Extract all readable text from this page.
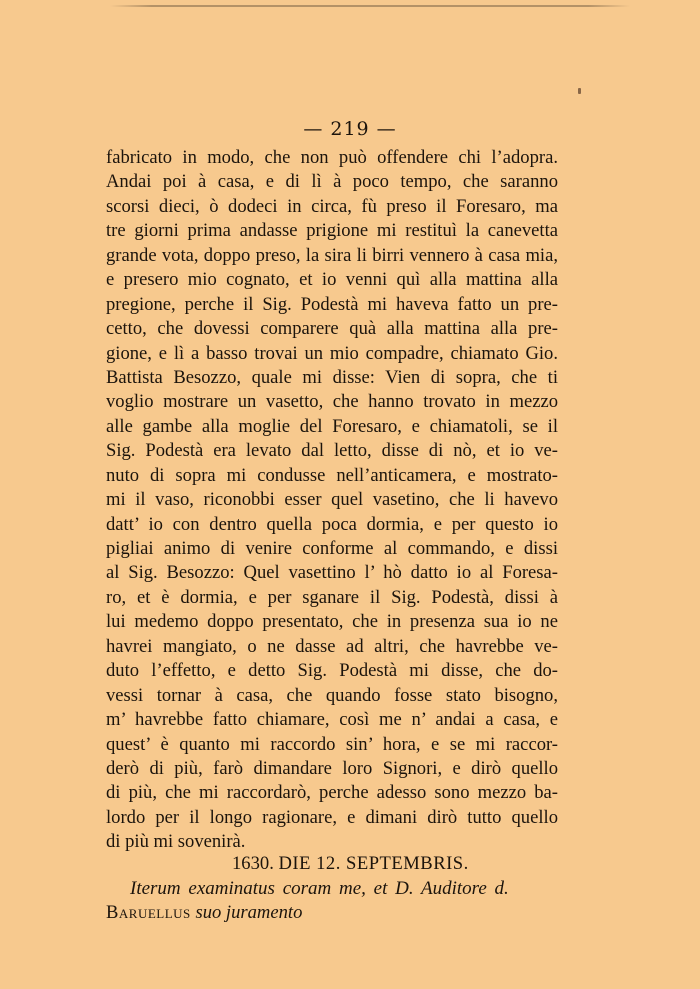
— 219 —
fabricato in modo, che non può offendere chi l’adopra.
Andai poi à casa, e di lì à poco tempo, che saranno
scorsi dieci, ò dodeci in circa, fù preso il Foresaro, ma
tre giorni prima andasse prigione mi restituì la canevetta
grande vota, doppo preso, la sira li birri vennero à casa mia,
e presero mio cognato, et io venni quì alla mattina alla
pregione, perche il Sig. Podestà mi haveva fatto un pre-
cetto, che dovessi comparere quà alla mattina alla pre-
gione, e lì a basso trovai un mio compadre, chiamato Gio.
Battista Besozzo, quale mi disse: Vien di sopra, che ti
voglio mostrare un vasetto, che hanno trovato in mezzo
alle gambe alla moglie del Foresaro, e chiamatoli, se il
Sig. Podestà era levato dal letto, disse di nò, et io ve-
nuto di sopra mi condusse nell’anticamera, e mostrato-
mi il vaso, riconobbi esser quel vasetino, che li havevo
datt’ io con dentro quella poca dormia, e per questo io
pigliai animo di venire conforme al commando, e dissi
al Sig. Besozzo: Quel vasettino l’ hò datto io al Foresa-
ro, et è dormia, e per sganare il Sig. Podestà, dissi à
lui medemo doppo presentato, che in presenza sua io ne
havrei mangiato, o ne dasse ad altri, che havrebbe ve-
duto l’effetto, e detto Sig. Podestà mi disse, che do-
vessi tornar à casa, che quando fosse stato bisogno,
m’ havrebbe fatto chiamare, così me n’ andai a casa, e
quest’ è quanto mi raccordo sin’ hora, e se mi raccor-
derò di più, farò dimandare loro Signori, e dirò quello
di più, che mi raccordarò, perche adesso sono mezzo ba-
lordo per il longo ragionare, e dimani dirò tutto quello
di più mi sovenirà.
1630. DIE 12. SEPTEMBRIS.
Iterum examinatus coram me, et D. Auditore d.
Baruellus suo juramento
